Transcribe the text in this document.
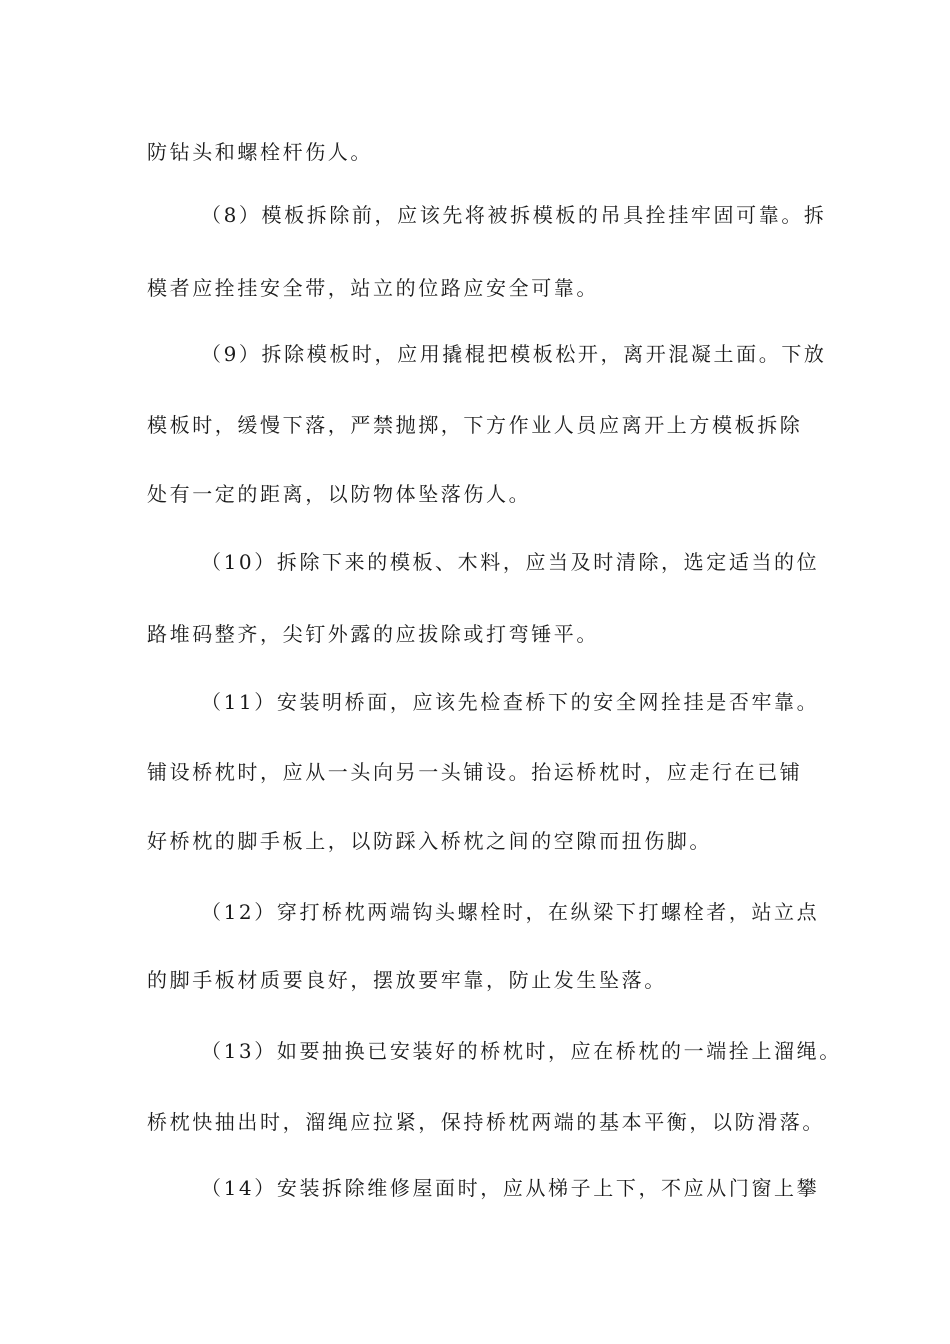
防钻头和螺栓杆伤人。
（8）模板拆除前，应该先将被拆模板的吊具拴挂牢固可靠。拆
模者应拴挂安全带，站立的位路应安全可靠。
（9）拆除模板时，应用撬棍把模板松开，离开混凝土面。下放
模板时，缓慢下落，严禁抛掷，下方作业人员应离开上方模板拆除
处有一定的距离，以防物体坠落伤人。
（10）拆除下来的模板、木料，应当及时清除，选定适当的位
路堆码整齐，尖钉外露的应拔除或打弯锤平。
（11）安装明桥面，应该先检查桥下的安全网拴挂是否牢靠。
铺设桥枕时，应从一头向另一头铺设。抬运桥枕时，应走行在已铺
好桥枕的脚手板上，以防踩入桥枕之间的空隙而扭伤脚。
（12）穿打桥枕两端钩头螺栓时，在纵梁下打螺栓者，站立点
的脚手板材质要良好，摆放要牢靠，防止发生坠落。
（13）如要抽换已安装好的桥枕时，应在桥枕的一端拴上溜绳。
桥枕快抽出时，溜绳应拉紧，保持桥枕两端的基本平衡，以防滑落。
（14）安装拆除维修屋面时，应从梯子上下，不应从门窗上攀
